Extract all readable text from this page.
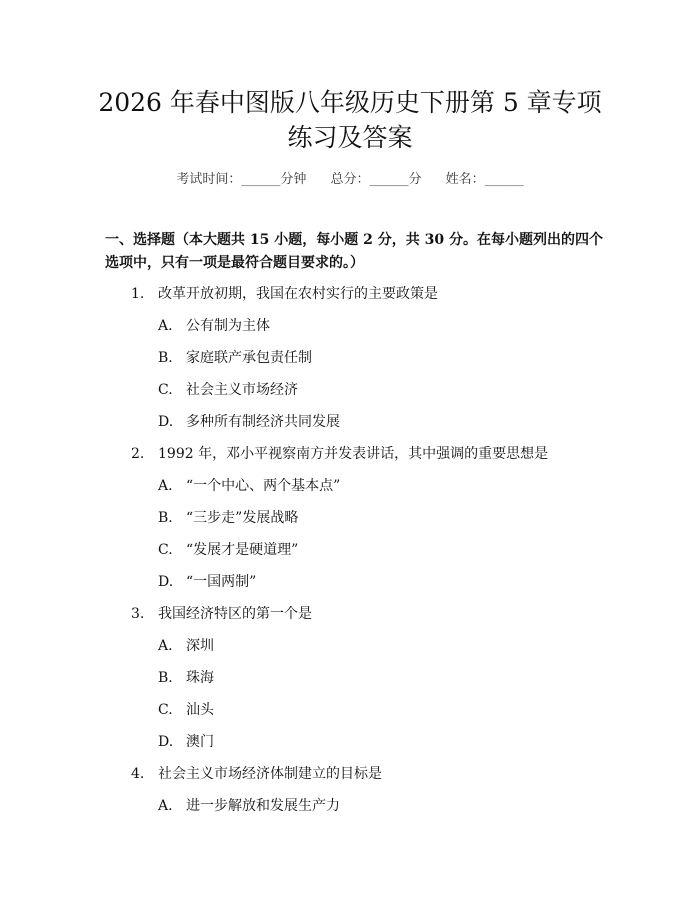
2026 年春中图版八年级历史下册第 5 章专项
练习及答案
考试时间：______分钟 总分：______分 姓名：______
一、选择题（本大题共 15 小题，每小题 2 分，共 30 分。在每小题列出的四个选项中，只有一项是最符合题目要求的。）
1. 改革开放初期，我国在农村实行的主要政策是
A. 公有制为主体
B. 家庭联产承包责任制
C. 社会主义市场经济
D. 多种所有制经济共同发展
2. 1992 年，邓小平视察南方并发表讲话，其中强调的重要思想是
A. “一个中心、两个基本点”
B. “三步走”发展战略
C. “发展才是硬道理”
D. “一国两制”
3. 我国经济特区的第一个是
A. 深圳
B. 珠海
C. 汕头
D. 澳门
4. 社会主义市场经济体制建立的目标是
A. 进一步解放和发展生产力
